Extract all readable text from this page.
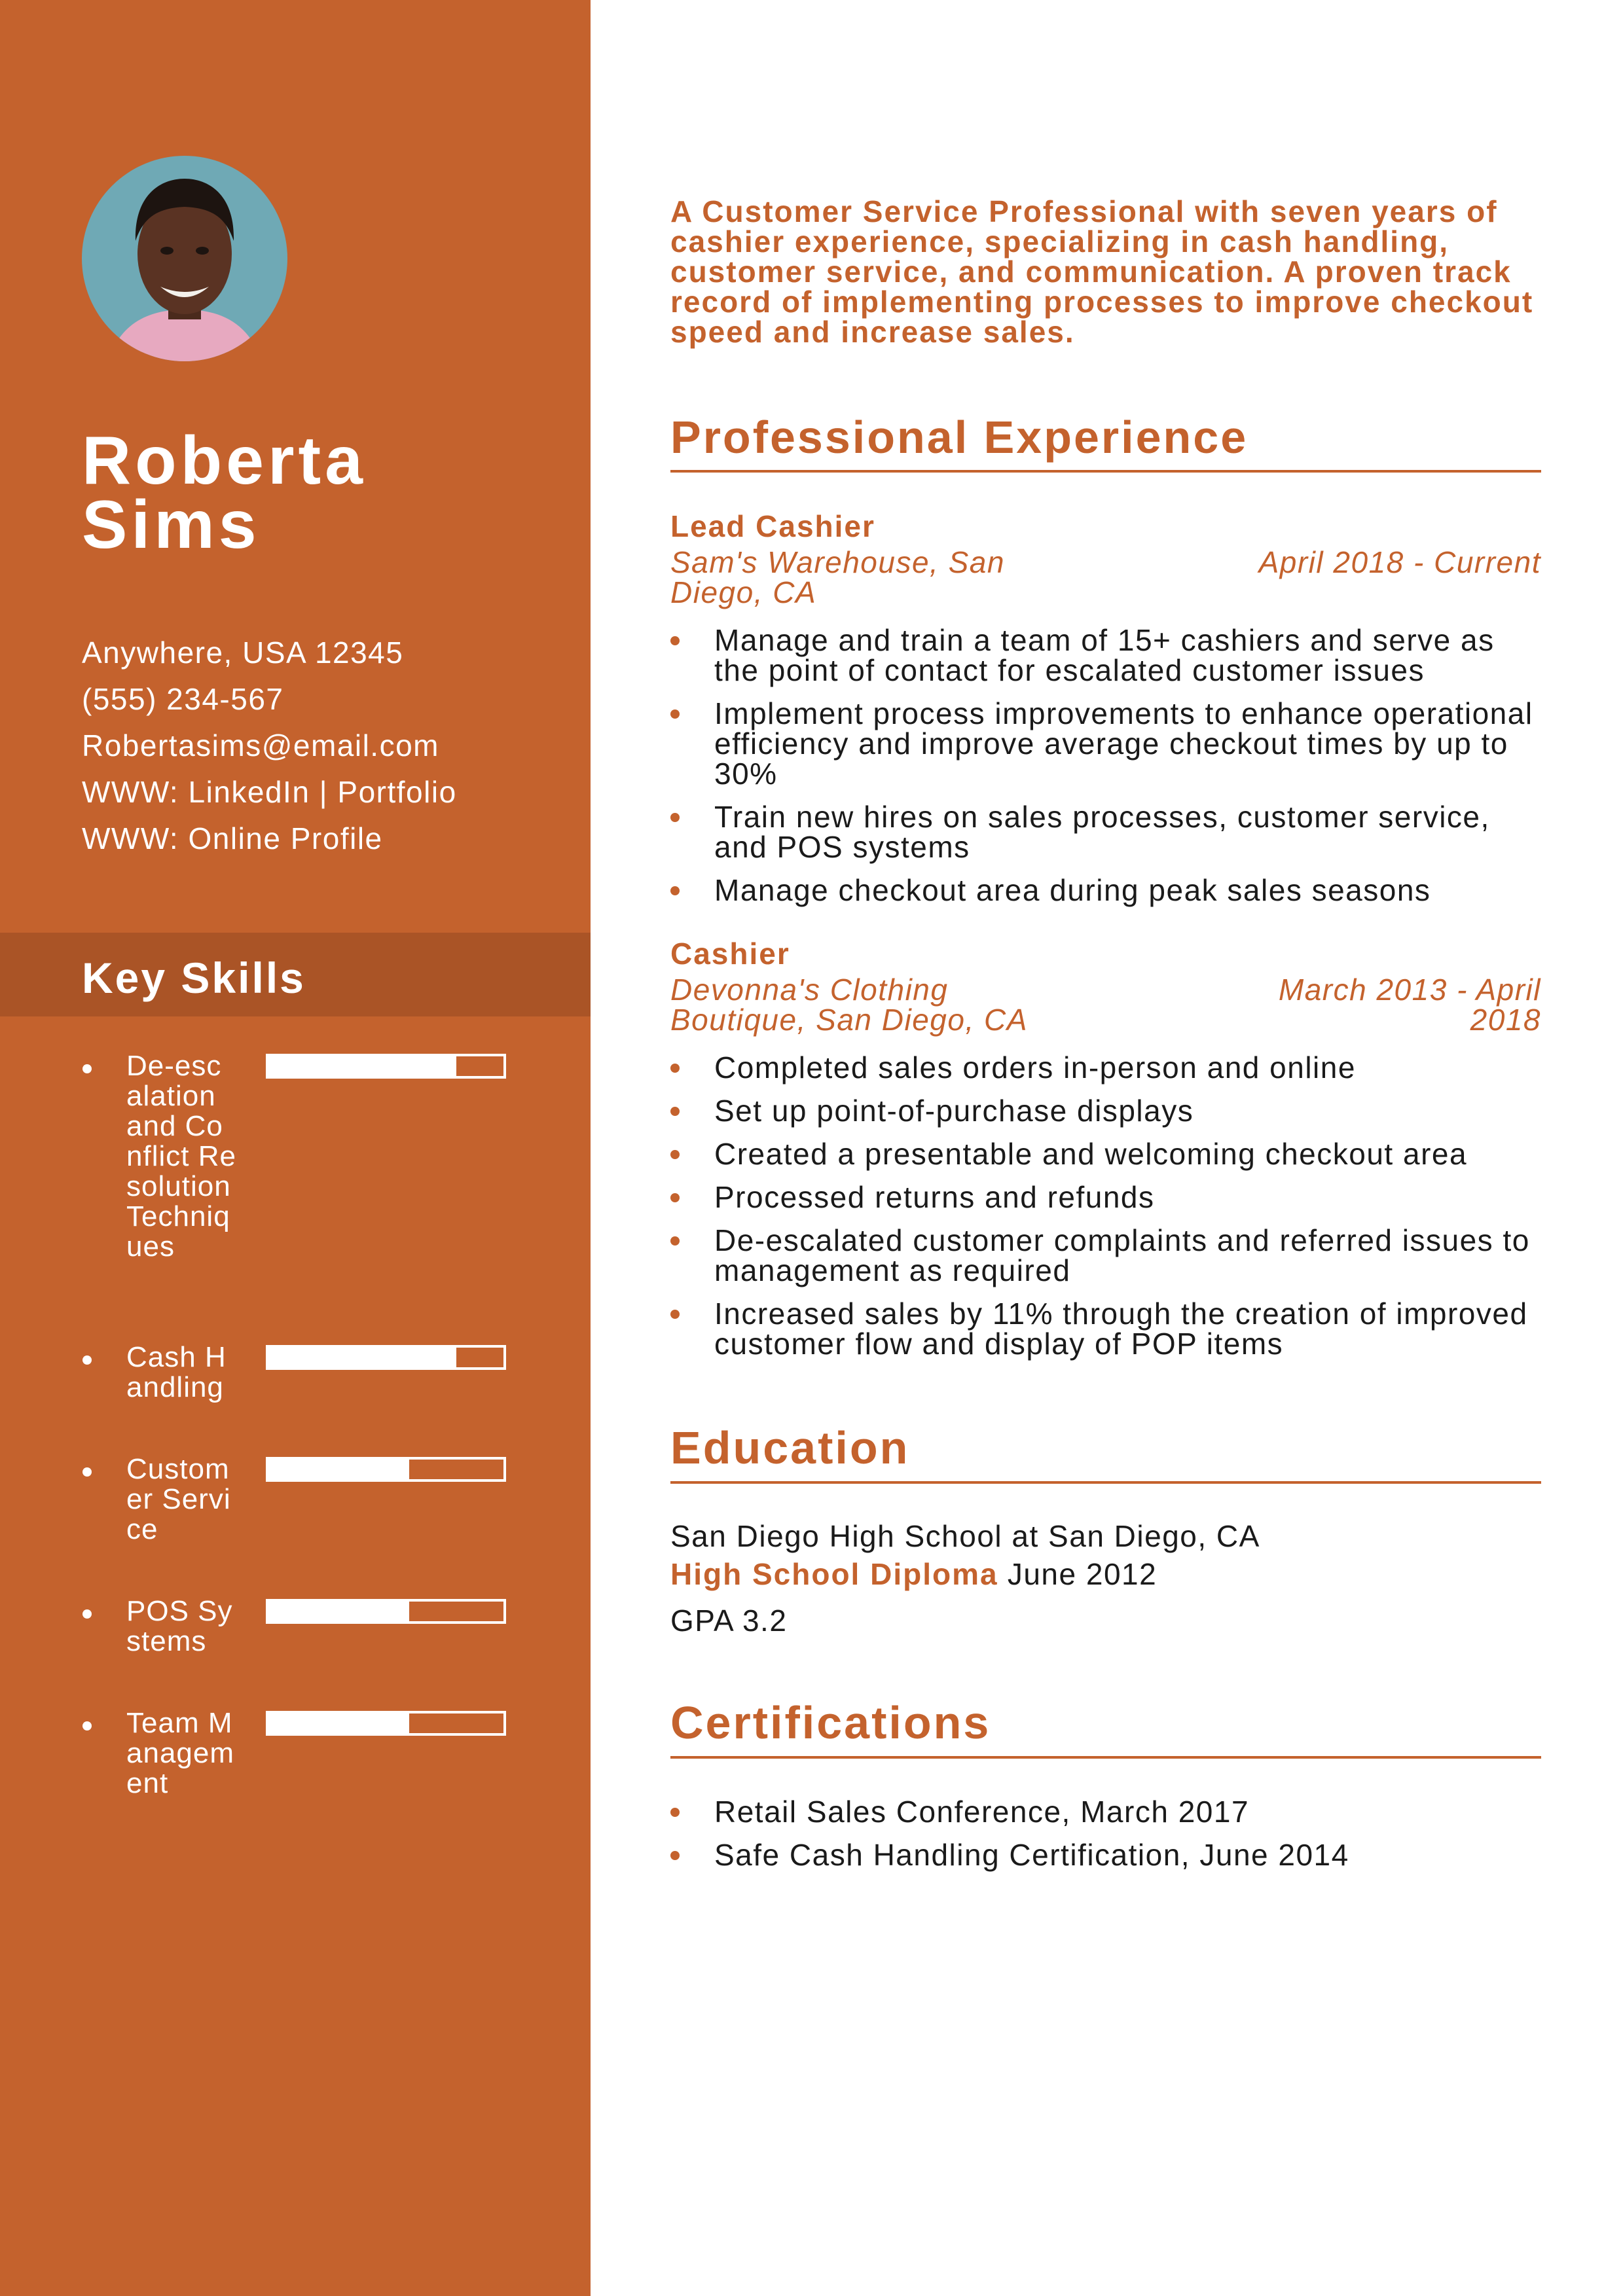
Roberta
Sims
Anywhere, USA 12345
(555) 234-567
Robertasims@email.com
WWW: LinkedIn | Portfolio
WWW: Online Profile
Key Skills
De-escalation and Conflict Resolution Techniques
Cash Handling
Customer Service
POS Systems
Team Management
A Customer Service Professional with seven years of cashier experience, specializing in cash handling, customer service, and communication. A proven track record of implementing processes to improve checkout speed and increase sales.
Professional Experience
Lead Cashier
Sam's Warehouse, San Diego, CA
April 2018 - Current
Manage and train a team of 15+ cashiers and serve as the point of contact for escalated customer issues
Implement process improvements to enhance operational efficiency and improve average checkout times by up to 30%
Train new hires on sales processes, customer service, and POS systems
Manage checkout area during peak sales seasons
Cashier
Devonna's Clothing Boutique, San Diego, CA
March 2013 - April 2018
Completed sales orders in-person and online
Set up point-of-purchase displays
Created a presentable and welcoming checkout area
Processed returns and refunds
De-escalated customer complaints and referred issues to management as required
Increased sales by 11% through the creation of improved customer flow and display of POP items
Education
San Diego High School at San Diego, CA
High School Diploma June 2012
GPA 3.2
Certifications
Retail Sales Conference, March 2017
Safe Cash Handling Certification, June 2014
